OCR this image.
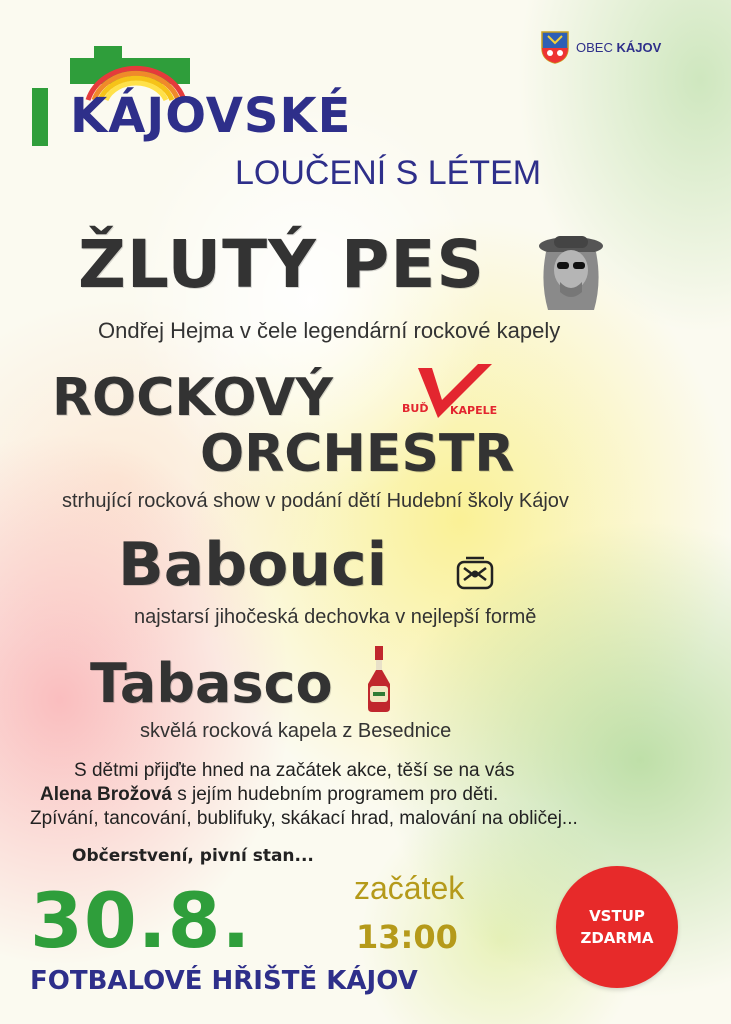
KÁJOVSKÉ
LOUČENÍ S LÉTEM
OBEC KÁJOV
ŽLUTÝ PES
Ondřej Hejma v čele legendární rockové kapely
ROCKOVÝ	BUĎ KAPELE
ORCHESTR
strhující rocková show v podání dětí Hudební školy Kájov
Babouci
najstarsí jihočeská dechovka v nejlepší formě
Tabasco
skvělá rocková kapela z Besednice
S dětmi přijďte hned na začátek akce, těší se na vás
Alena Brožová s jejím hudebním programem pro děti.
Zpívání, tancování, bublifuky, skákací hrad, malování na obličej...
Občerstvení, pivní stan...
30.8.	začátek
13:00
FOTBALOVÉ HŘIŠTĚ KÁJOV
VSTUP
ZDARMA
